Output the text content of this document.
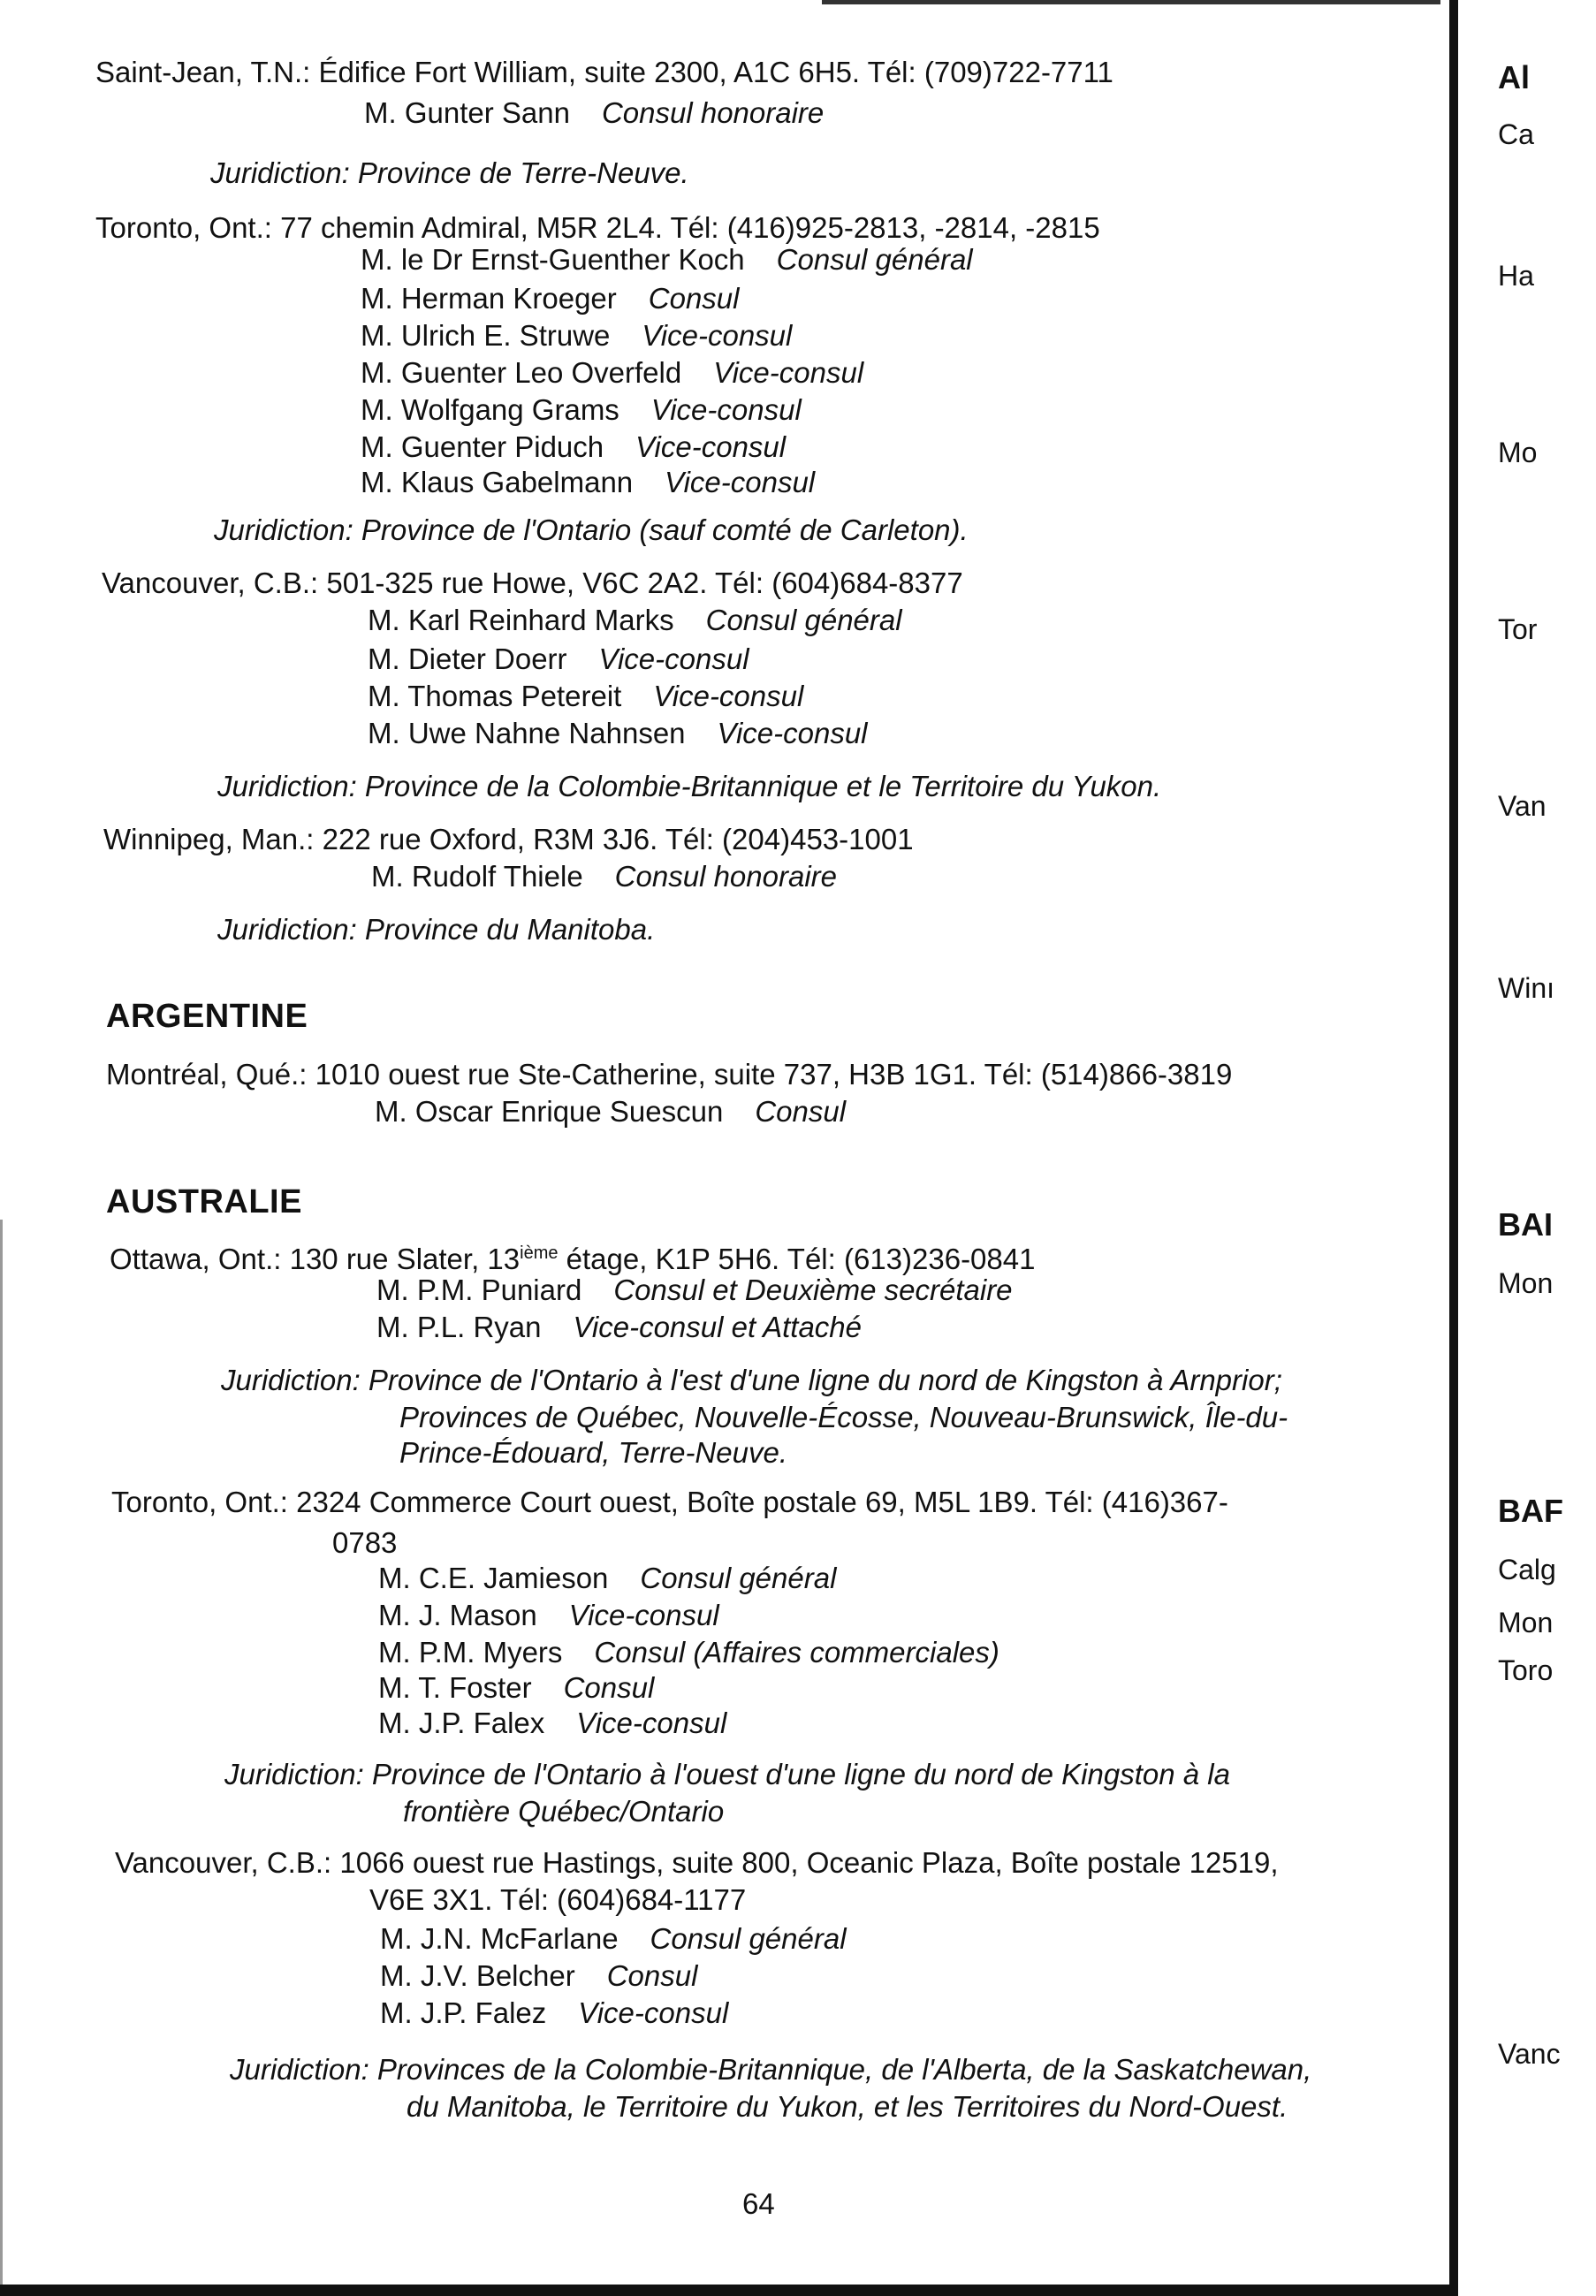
Saint-Jean, T.N.: Édifice Fort William, suite 2300, A1C 6H5. Tél: (709)722-7711
M. Gunter Sann Consul honoraire
Juridiction: Province de Terre-Neuve.
Toronto, Ont.: 77 chemin Admiral, M5R 2L4. Tél: (416)925-2813, -2814, -2815
M. le Dr Ernst-Guenther Koch Consul général
M. Herman Kroeger Consul
M. Ulrich E. Struwe Vice-consul
M. Guenter Leo Overfeld Vice-consul
M. Wolfgang Grams Vice-consul
M. Guenter Piduch Vice-consul
M. Klaus Gabelmann Vice-consul
Juridiction: Province de l'Ontario (sauf comté de Carleton).
Vancouver, C.B.: 501-325 rue Howe, V6C 2A2. Tél: (604)684-8377
M. Karl Reinhard Marks Consul général
M. Dieter Doerr Vice-consul
M. Thomas Petereit Vice-consul
M. Uwe Nahne Nahnsen Vice-consul
Juridiction: Province de la Colombie-Britannique et le Territoire du Yukon.
Winnipeg, Man.: 222 rue Oxford, R3M 3J6. Tél: (204)453-1001
M. Rudolf Thiele Consul honoraire
Juridiction: Province du Manitoba.
ARGENTINE
Montréal, Qué.: 1010 ouest rue Ste-Catherine, suite 737, H3B 1G1. Tél: (514)866-3819
M. Oscar Enrique Suescun Consul
AUSTRALIE
Ottawa, Ont.: 130 rue Slater, 13ième étage, K1P 5H6. Tél: (613)236-0841
M. P.M. Puniard Consul et Deuxième secrétaire
M. P.L. Ryan Vice-consul et Attaché
Juridiction: Province de l'Ontario à l'est d'une ligne du nord de Kingston à Arnprior;
Provinces de Québec, Nouvelle-Écosse, Nouveau-Brunswick, Île-du-
Prince-Édouard, Terre-Neuve.
Toronto, Ont.: 2324 Commerce Court ouest, Boîte postale 69, M5L 1B9. Tél: (416)367-
0783
M. C.E. Jamieson Consul général
M. J. Mason Vice-consul
M. P.M. Myers Consul (Affaires commerciales)
M. T. Foster Consul
M. J.P. Falex Vice-consul
Juridiction: Province de l'Ontario à l'ouest d'une ligne du nord de Kingston à la
frontière Québec/Ontario
Vancouver, C.B.: 1066 ouest rue Hastings, suite 800, Oceanic Plaza, Boîte postale 12519,
V6E 3X1. Tél: (604)684-1177
M. J.N. McFarlane Consul général
M. J.V. Belcher Consul
M. J.P. Falez Vice-consul
Juridiction: Provinces de la Colombie-Britannique, de l'Alberta, de la Saskatchewan,
du Manitoba, le Territoire du Yukon, et les Territoires du Nord-Ouest.
64
Al
Ca
Ha
Mo
Tor
Van
Winı
BAI
Mon
BAF
Calg
Mon
Toro
Vanc
